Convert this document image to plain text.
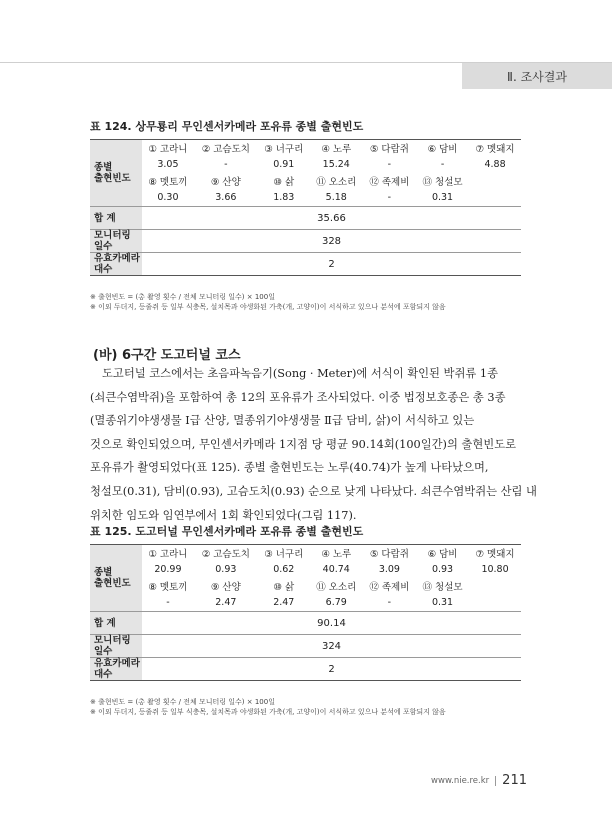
Ⅱ. 조사결과
표 124. 상무룡리 무인센서카메라 포유류 종별 출현빈도
종별
출현빈도	① 고라니	② 고슴도치	③ 너구리	④ 노루	⑤ 다람쥐	⑥ 담비	⑦ 멧돼지
	3.05	-	0.91	15.24	-	-	4.88
	⑧ 멧토끼	⑨ 산양	⑩ 삵	⑪ 오소리	⑫ 족제비	⑬ 청설모	
	0.30	3.66	1.83	5.18	-	0.31	
합 계	35.66						
모니터링
일수	328						
유효카메라
대수	2						
※ 출현빈도 = (총 촬영 횟수 / 전체 모니터링 일수) × 100일
※ 이외 두더지, 등줄쥐 등 일부 식충목, 설치목과 야생화된 가축(개, 고양이)이 서식하고 있으나 분석에 포함되지 않음
(바) 6구간 도고터널 코스
도고터널 코스에서는 초음파녹음기(Song · Meter)에 서식이 확인된 박쥐류 1종
(쇠큰수염박쥐)을 포함하여 총 12의 포유류가 조사되었다. 이중 법정보호종은 총 3종
(멸종위기야생생물 Ⅰ급 산양, 멸종위기야생생물 Ⅱ급 담비, 삵)이 서식하고 있는
것으로 확인되었으며, 무인센서카메라 1지점 당 평균 90.14회(100일간)의 출현빈도로
포유류가 촬영되었다(표 125). 종별 출현빈도는 노루(40.74)가 높게 나타났으며,
청설모(0.31), 담비(0.93), 고슴도치(0.93) 순으로 낮게 나타났다. 쇠큰수염박쥐는 산림 내
위치한 임도와 임연부에서 1회 확인되었다(그림 117).
표 125. 도고터널 무인센서카메라 포유류 종별 출현빈도
종별
출현빈도	① 고라니	② 고슴도치	③ 너구리	④ 노루	⑤ 다람쥐	⑥ 담비	⑦ 멧돼지
	20.99	0.93	0.62	40.74	3.09	0.93	10.80
	⑧ 멧토끼	⑨ 산양	⑩ 삵	⑪ 오소리	⑫ 족제비	⑬ 청설모	
	-	2.47	2.47	6.79	-	0.31	
합 계	90.14						
모니터링
일수	324						
유효카메라
대수	2						
※ 출현빈도 = (총 촬영 횟수 / 전체 모니터링 일수) × 100일
※ 이외 두더지, 등줄쥐 등 일부 식충목, 설치목과 야생화된 가축(개, 고양이)이 서식하고 있으나 분석에 포함되지 않음
www.nie.re.kr 211
